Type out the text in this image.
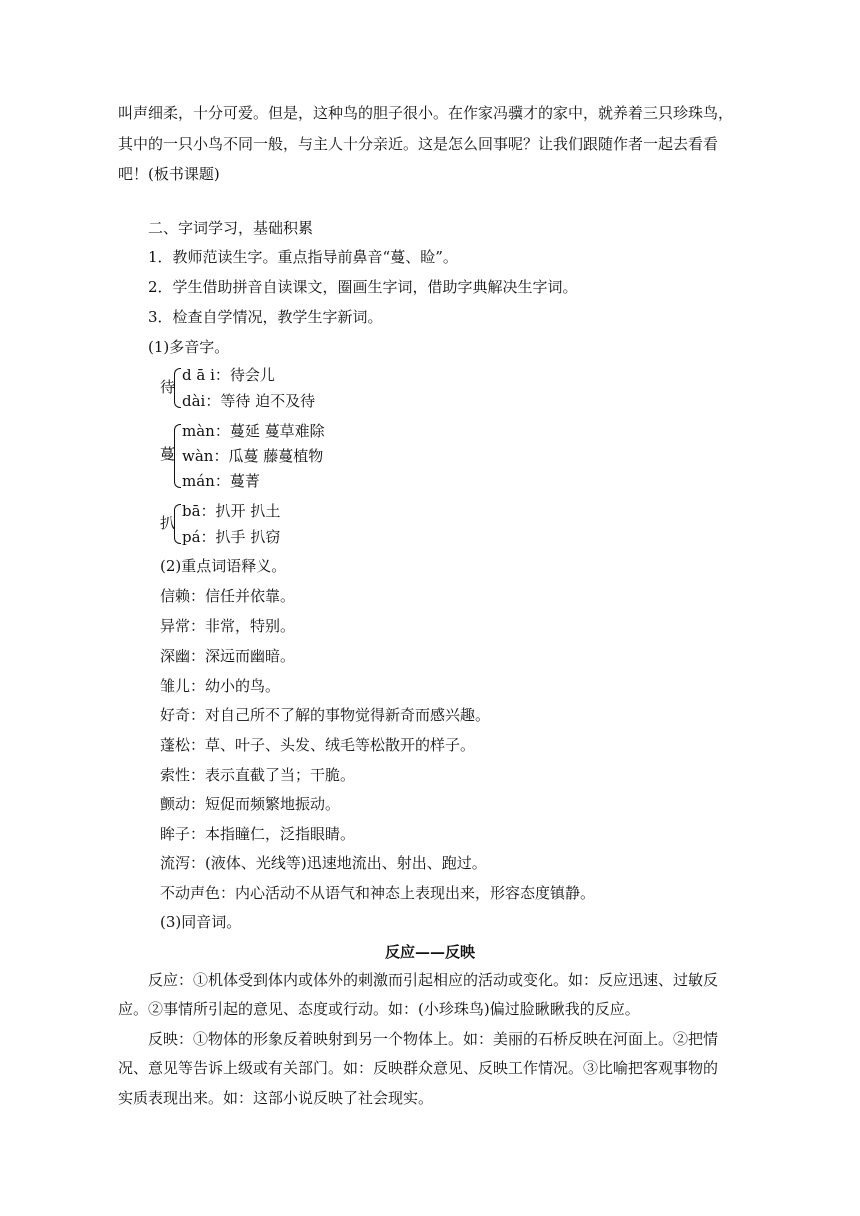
叫声细柔，十分可爱。但是，这种鸟的胆子很小。在作家冯骥才的家中，就养着三只珍珠鸟，
其中的一只小鸟不同一般，与主人十分亲近。这是怎么回事呢？让我们跟随作者一起去看看
吧！(板书课题)
二、字词学习，基础积累
1．教师范读生字。重点指导前鼻音“蔓、睑”。
2．学生借助拼音自读课文，圈画生字词，借助字典解决生字词。
3．检查自学情况，教学生字新词。
(1)多音字。
待
d ā i：待会儿
dài：等待 迫不及待
蔓
màn：蔓延 蔓草难除
wàn：瓜蔓 藤蔓植物
mán：蔓菁
扒
bā：扒开 扒土
pá：扒手 扒窃
(2)重点词语释义。
信赖：信任并依靠。
异常：非常，特别。
深幽：深远而幽暗。
雏儿：幼小的鸟。
好奇：对自己所不了解的事物觉得新奇而感兴趣。
蓬松：草、叶子、头发、绒毛等松散开的样子。
索性：表示直截了当；干脆。
颤动：短促而频繁地振动。
眸子：本指瞳仁，泛指眼睛。
流泻：(液体、光线等)迅速地流出、射出、跑过。
不动声色：内心活动不从语气和神态上表现出来，形容态度镇静。
(3)同音词。
反应——反映
反应：①机体受到体内或体外的刺激而引起相应的活动或变化。如：反应迅速、过敏反
应。②事情所引起的意见、态度或行动。如：(小珍珠鸟)偏过脸瞅瞅我的反应。
反映：①物体的形象反着映射到另一个物体上。如：美丽的石桥反映在河面上。②把情
况、意见等告诉上级或有关部门。如：反映群众意见、反映工作情况。③比喻把客观事物的
实质表现出来。如：这部小说反映了社会现实。
